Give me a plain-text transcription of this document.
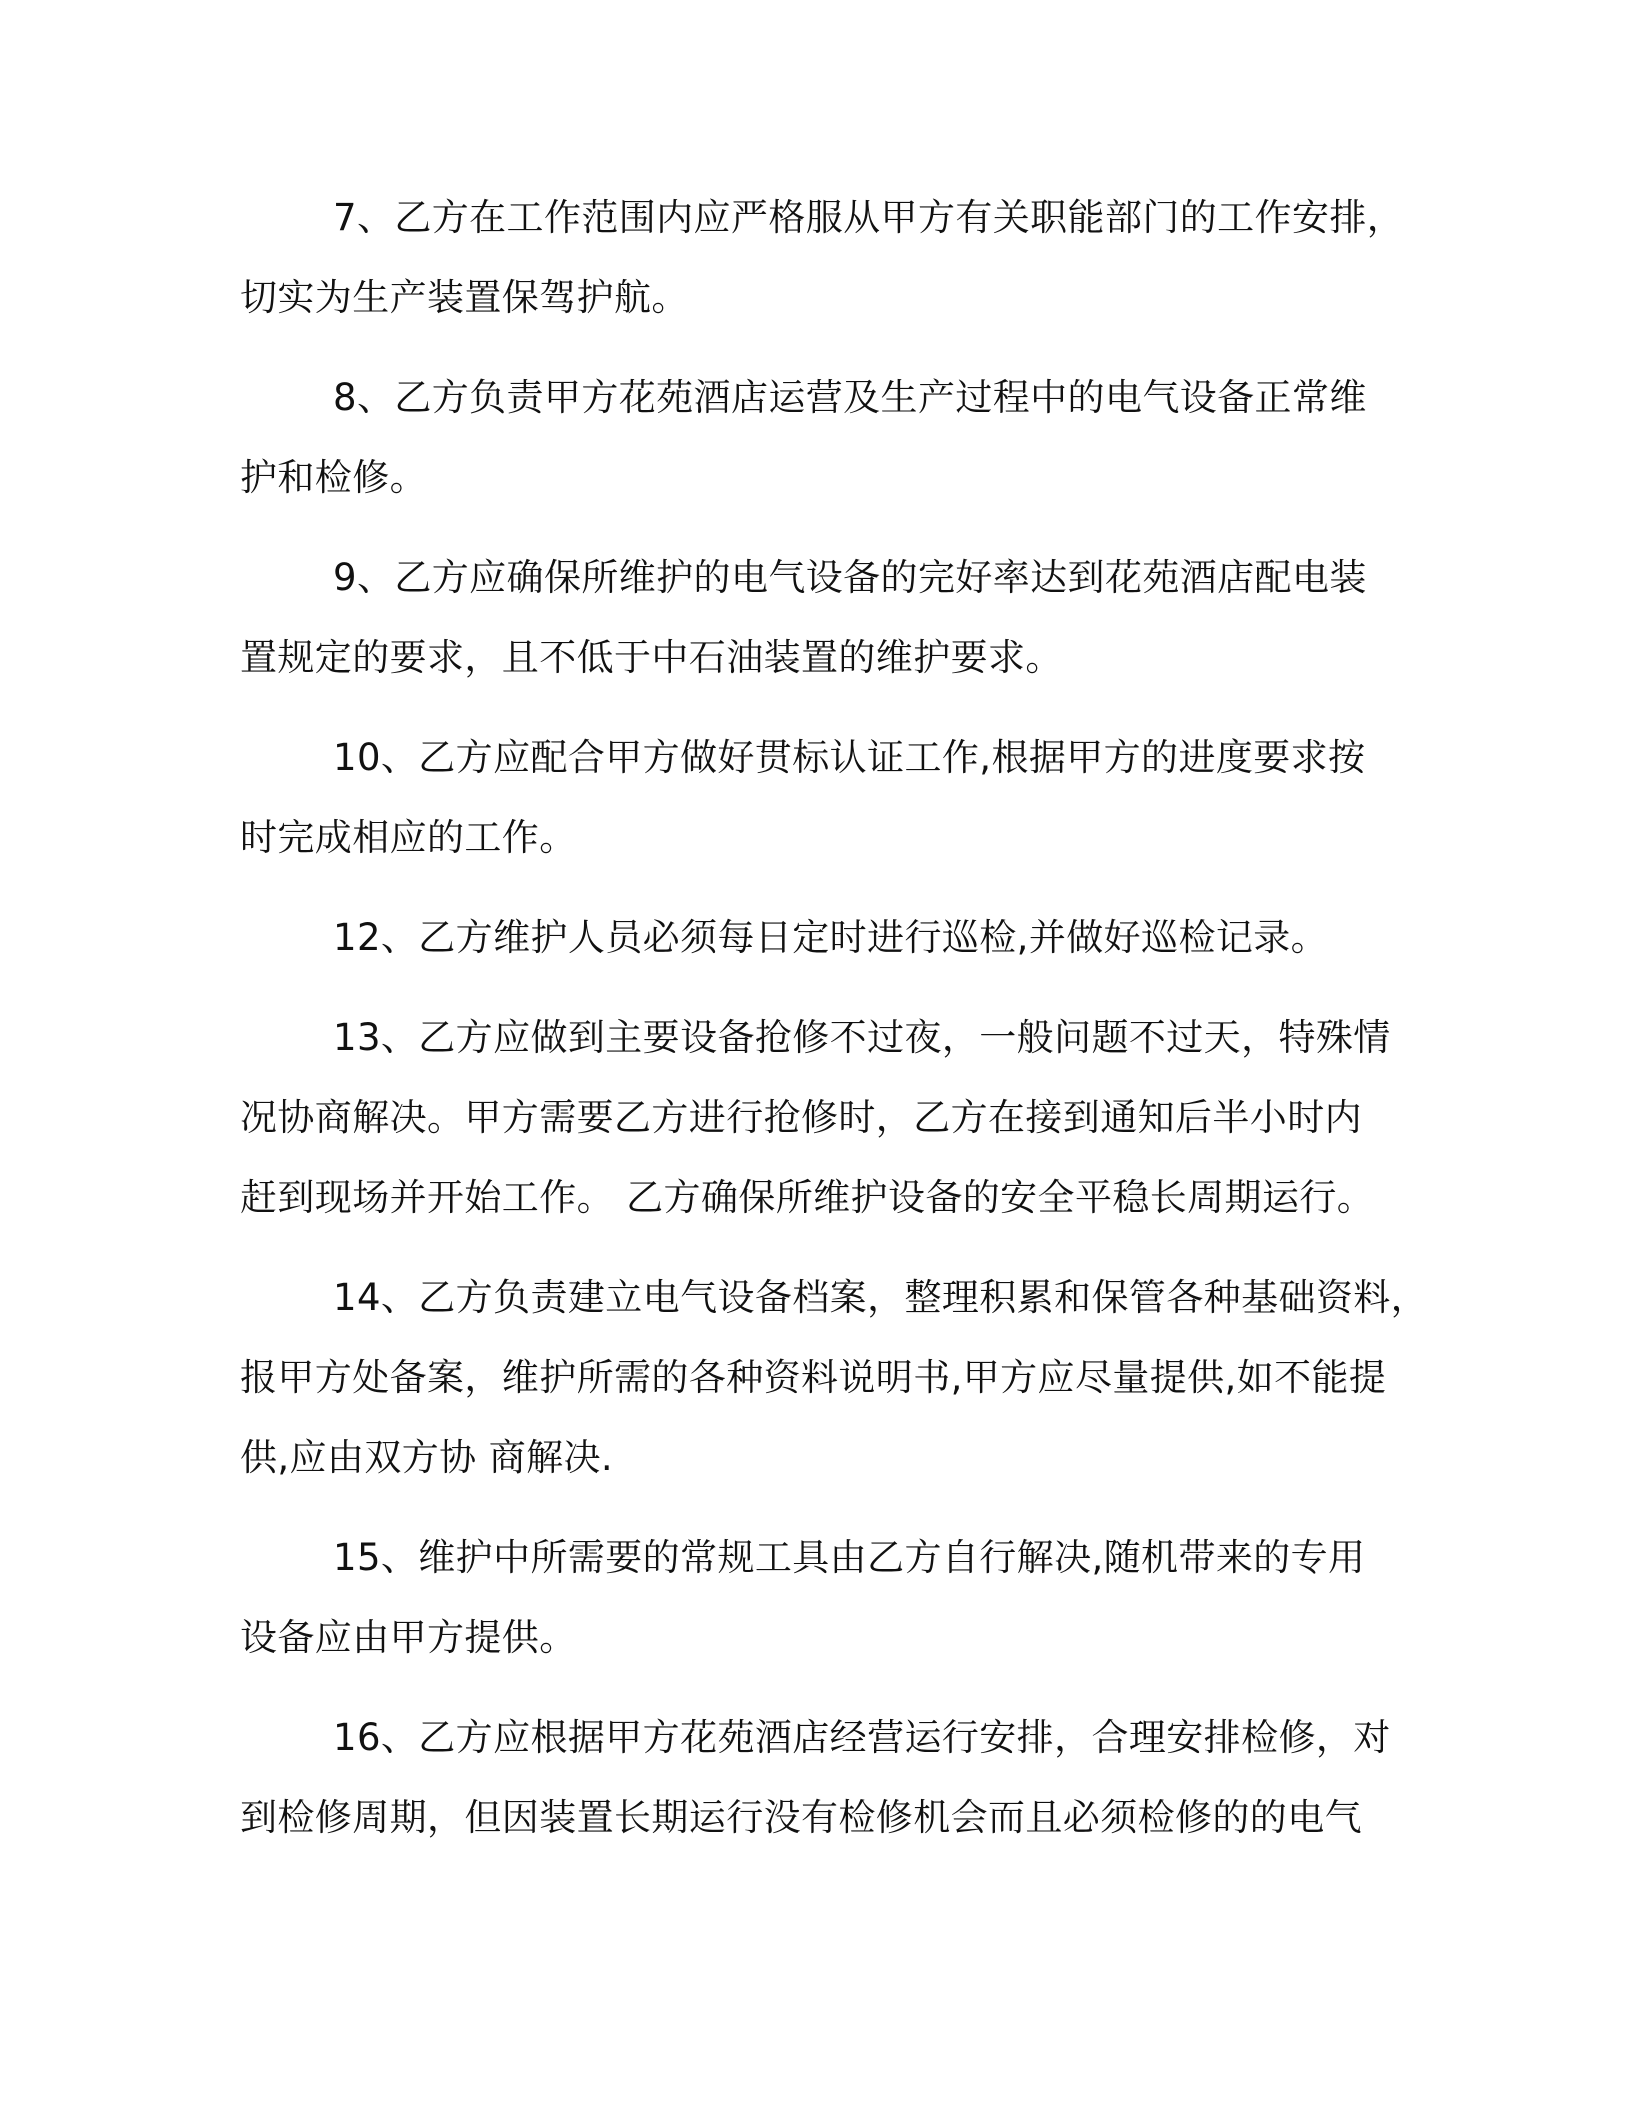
7、乙方在工作范围内应严格服从甲方有关职能部门的工作安排，
切实为生产装置保驾护航。
8、乙方负责甲方花苑酒店运营及生产过程中的电气设备正常维
护和检修。
9、乙方应确保所维护的电气设备的完好率达到花苑酒店配电装
置规定的要求，且不低于中石油装置的维护要求。
10、乙方应配合甲方做好贯标认证工作,根据甲方的进度要求按
时完成相应的工作。
12、乙方维护人员必须每日定时进行巡检,并做好巡检记录。
13、乙方应做到主要设备抢修不过夜，一般问题不过天，特殊情
况协商解决。甲方需要乙方进行抢修时，乙方在接到通知后半小时内
赶到现场并开始工作。 乙方确保所维护设备的安全平稳长周期运行。
14、乙方负责建立电气设备档案，整理积累和保管各种基础资料，
报甲方处备案，维护所需的各种资料说明书,甲方应尽量提供,如不能提
供,应由双方协 商解决.
15、维护中所需要的常规工具由乙方自行解决,随机带来的专用
设备应由甲方提供。
16、乙方应根据甲方花苑酒店经营运行安排，合理安排检修，对
到检修周期，但因装置长期运行没有检修机会而且必须检修的的电气
